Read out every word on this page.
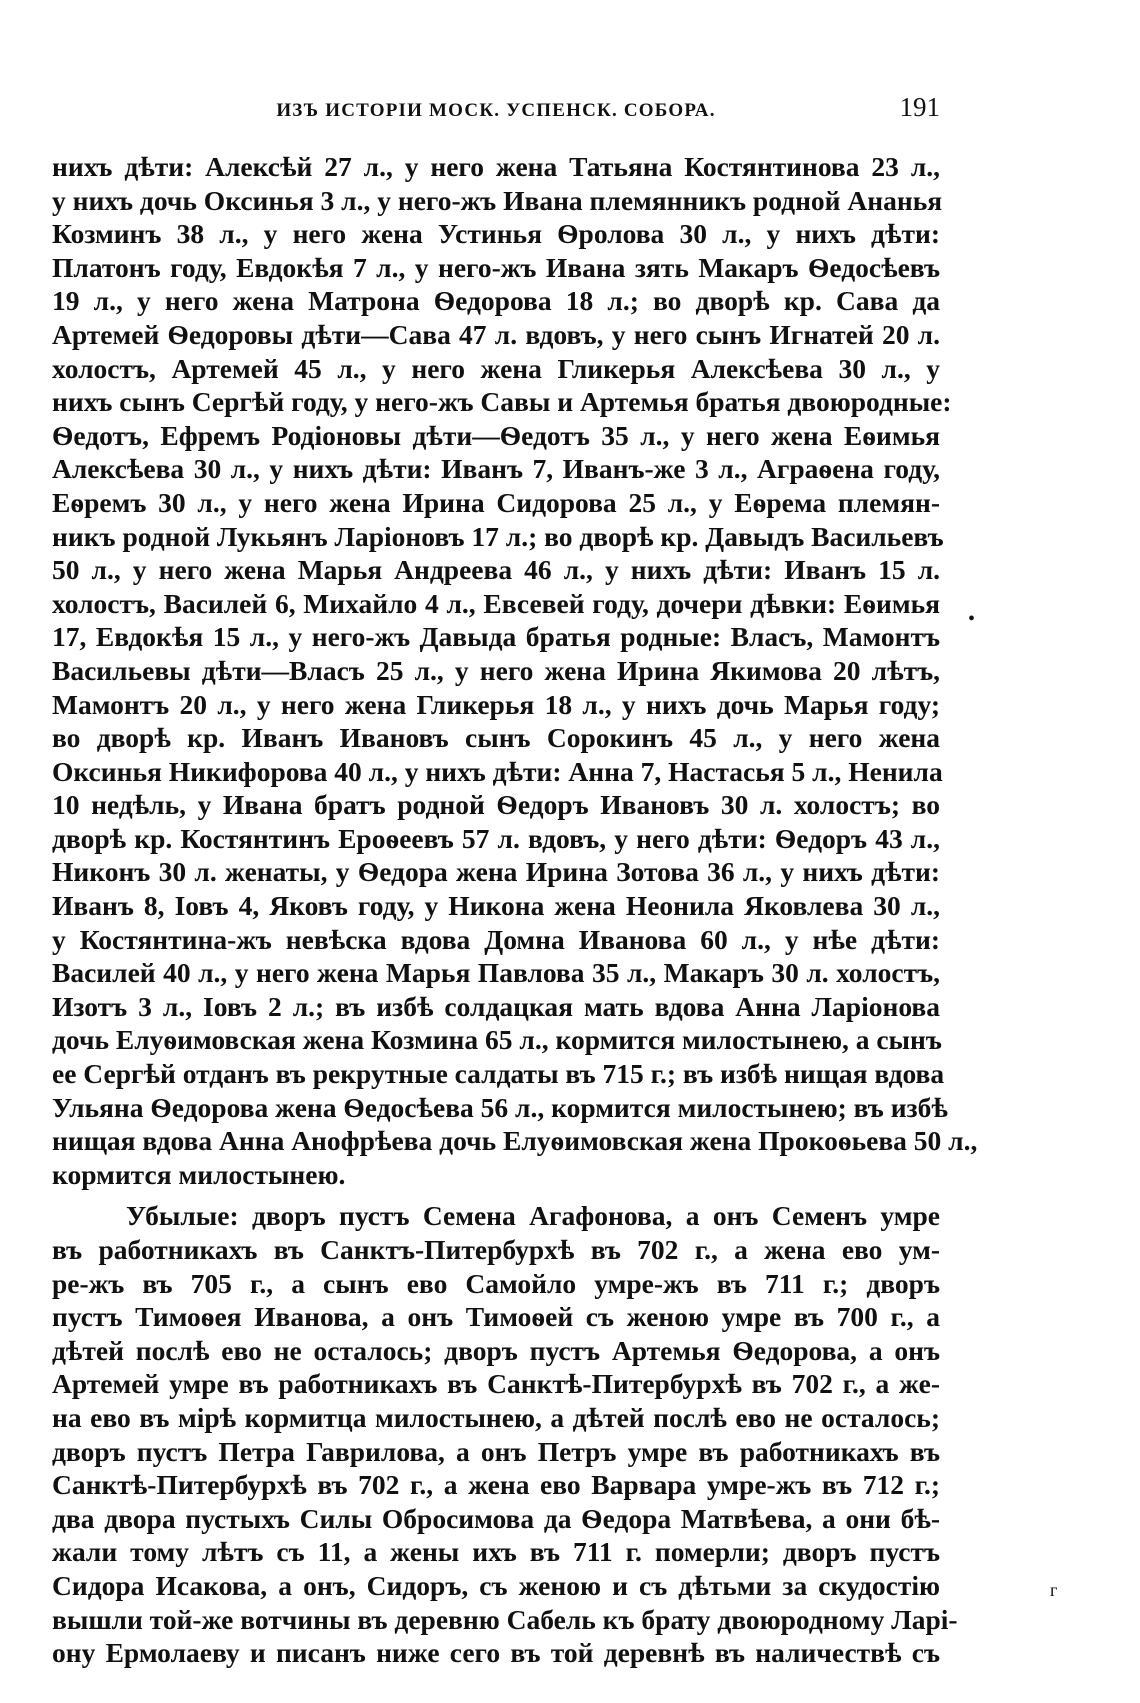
ИЗЪ ИСТОРІИ МОСК. УСПЕНСК. СОБОРА.	191
нихъ дѣти: Алексѣй 27 л., у него жена Татьяна Костянтинова 23 л.,
у нихъ дочь Оксинья 3 л., у него-жъ Ивана племянникъ родной Ананья
Козминъ 38 л., у него жена Устинья Ѳролова 30 л., у нихъ дѣти:
Платонъ году, Евдокѣя 7 л., у него-жъ Ивана зять Макаръ Ѳедосѣевъ
19 л., у него жена Матрона Ѳедорова 18 л.; во дворѣ кр. Сава да
Артемей Ѳедоровы дѣти—Сава 47 л. вдовъ, у него сынъ Игнатей 20 л.
холостъ, Артемей 45 л., у него жена Гликерья Алексѣева 30 л., у
нихъ сынъ Сергѣй году, у него-жъ Савы и Артемья братья двоюродные:
Ѳедотъ, Ефремъ Родіоновы дѣти—Ѳедотъ 35 л., у него жена Еѳимья
Алексѣева 30 л., у нихъ дѣти: Иванъ 7, Иванъ-же 3 л., Аграѳена году,
Еѳремъ 30 л., у него жена Ирина Сидорова 25 л., у Еѳрема племян-
никъ родной Лукьянъ Ларіоновъ 17 л.; во дворѣ кр. Давыдъ Васильевъ
50 л., у него жена Марья Андреева 46 л., у нихъ дѣти: Иванъ 15 л.
холостъ, Василей 6, Михайло 4 л., Евсевей году, дочери дѣвки: Еѳимья
17, Евдокѣя 15 л., у него-жъ Давыда братья родные: Власъ, Мамонтъ
Васильевы дѣти—Власъ 25 л., у него жена Ирина Якимова 20 лѣтъ,
Мамонтъ 20 л., у него жена Гликерья 18 л., у нихъ дочь Марья году;
во дворѣ кр. Иванъ Ивановъ сынъ Сорокинъ 45 л., у него жена
Оксинья Никифорова 40 л., у нихъ дѣти: Анна 7, Настасья 5 л., Ненила
10 недѣль, у Ивана братъ родной Ѳедоръ Ивановъ 30 л. холостъ; во
дворѣ кр. Костянтинъ Ероѳеевъ 57 л. вдовъ, у него дѣти: Ѳедоръ 43 л.,
Никонъ 30 л. женаты, у Ѳедора жена Ирина Зотова 36 л., у нихъ дѣти:
Иванъ 8, Іовъ 4, Яковъ году, у Никона жена Неонила Яковлева 30 л.,
у Костянтина-жъ невѣска вдова Домна Иванова 60 л., у нѣе дѣти:
Василей 40 л., у него жена Марья Павлова 35 л., Макаръ 30 л. холостъ,
Изотъ 3 л., Іовъ 2 л.; въ избѣ солдацкая мать вдова Анна Ларіонова
дочь Елуѳимовская жена Козмина 65 л., кормится милостынею, а сынъ
ее Сергѣй отданъ въ рекрутные салдаты въ 715 г.; въ избѣ нищая вдова
Ульяна Ѳедорова жена Ѳедосѣева 56 л., кормится милостынею; въ избѣ
нищая вдова Анна Анофрѣева дочь Елуѳимовская жена Прокоѳьева 50 л.,
кормится милостынею.
Убылые: дворъ пустъ Семена Агафонова, а онъ Семенъ умре
въ работникахъ въ Санктъ-Питербурхѣ въ 702 г., а жена ево ум-
ре-жъ въ 705 г., а сынъ ево Самойло умре-жъ въ 711 г.; дворъ
пустъ Тимоѳея Иванова, а онъ Тимоѳей съ женою умре въ 700 г., а
дѣтей послѣ ево не осталось; дворъ пустъ Артемья Ѳедорова, а онъ
Артемей умре въ работникахъ въ Санктѣ-Питербурхѣ въ 702 г., а же-
на ево въ мірѣ кормитца милостынею, а дѣтей послѣ ево не осталось;
дворъ пустъ Петра Гаврилова, а онъ Петръ умре въ работникахъ въ
Санктѣ-Питербурхѣ въ 702 г., а жена ево Варвара умре-жъ въ 712 г.;
два двора пустыхъ Силы Обросимова да Ѳедора Матвѣева, а они бѣ-
жали тому лѣтъ съ 11, а жены ихъ въ 711 г. померли; дворъ пустъ
Сидора Исакова, а онъ, Сидоръ, съ женою и съ дѣтьми за скудостію
вышли той-же вотчины въ деревню Сабель къ брату двоюродному Ларі-
ону Ермолаеву и писанъ ниже сего въ той деревнѣ въ наличествѣ съ
•
г
